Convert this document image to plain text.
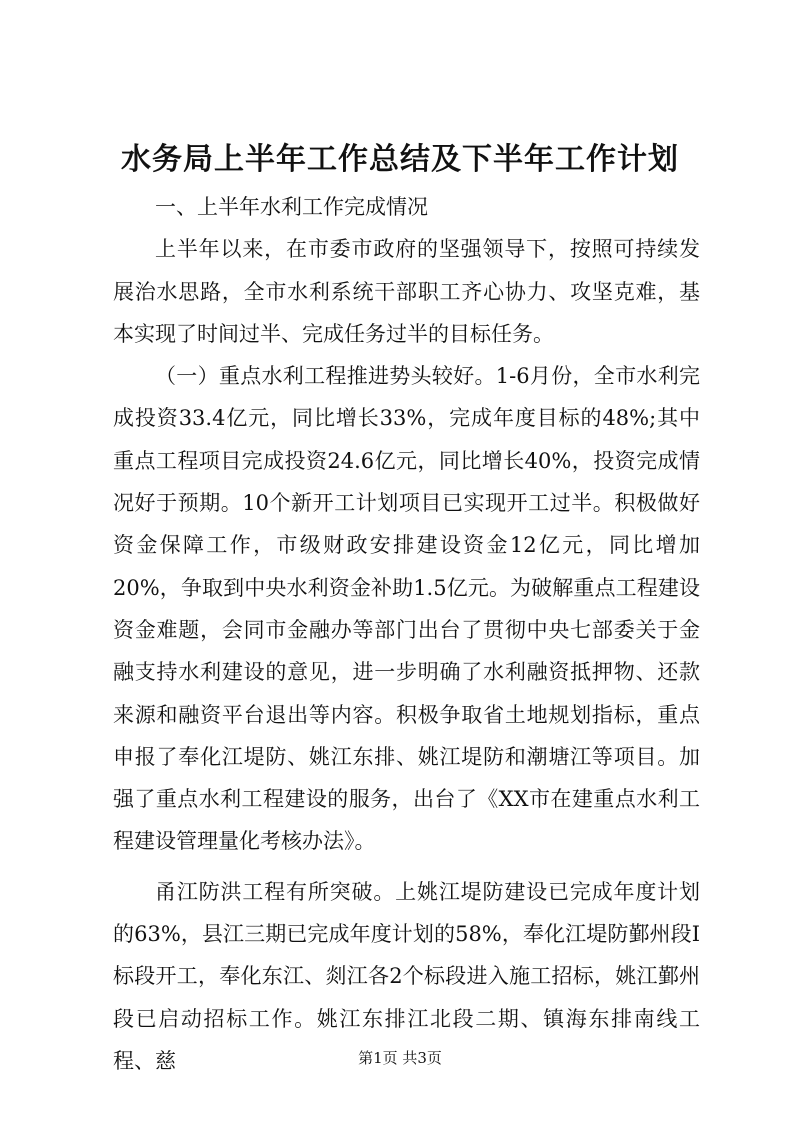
水务局上半年工作总结及下半年工作计划

一、上半年水利工作完成情况

上半年以来，在市委市政府的坚强领导下，按照可持续发展治水思路，全市水利系统干部职工齐心协力、攻坚克难，基本实现了时间过半、完成任务过半的目标任务。

（一）重点水利工程推进势头较好。1-6月份，全市水利完成投资33.4亿元，同比增长33%，完成年度目标的48%;其中重点工程项目完成投资24.6亿元，同比增长40%，投资完成情况好于预期。10个新开工计划项目已实现开工过半。积极做好资金保障工作，市级财政安排建设资金12亿元，同比增加20%，争取到中央水利资金补助1.5亿元。为破解重点工程建设资金难题，会同市金融办等部门出台了贯彻中央七部委关于金融支持水利建设的意见，进一步明确了水利融资抵押物、还款来源和融资平台退出等内容。积极争取省土地规划指标，重点申报了奉化江堤防、姚江东排、姚江堤防和潮塘江等项目。加强了重点水利工程建设的服务，出台了《XX市在建重点水利工程建设管理量化考核办法》。

甬江防洪工程有所突破。上姚江堤防建设已完成年度计划的63%，县江三期已完成年度计划的58%，奉化江堤防鄞州段Ⅰ标段开工，奉化东江、剡江各2个标段进入施工招标，姚江鄞州段已启动招标工作。姚江东排江北段二期、镇海东排南线工程、慈	第1页 共3页
